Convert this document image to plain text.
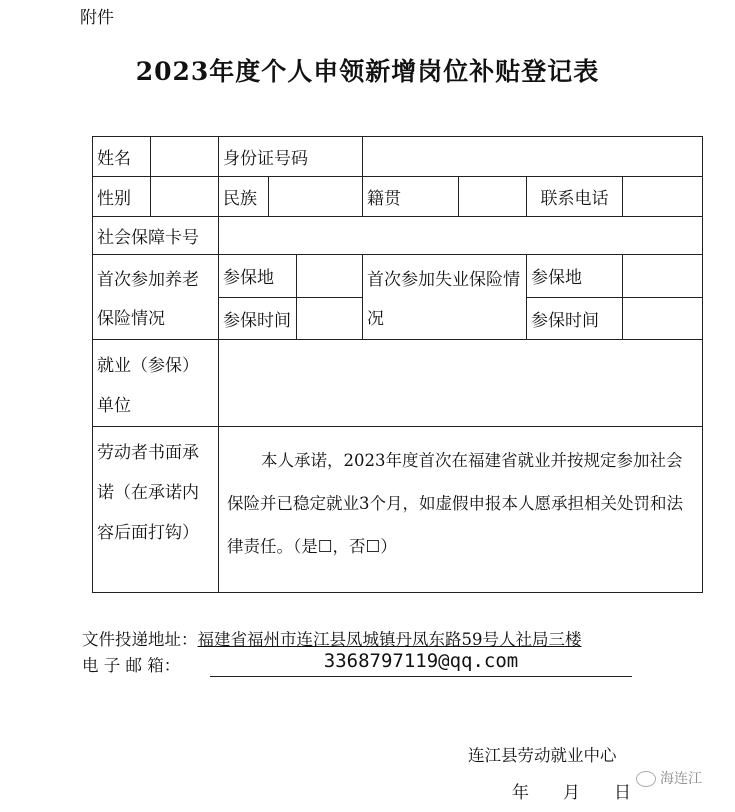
附件
2023年度个人申领新增岗位补贴登记表
姓名		身份证号码						
性别		民族			籍贯		联系电话	
社会保障卡号								
首次参加养老保险情况		参保地			首次参加失业保险情况		参保地	
		参保时间					参保时间	
就业（参保）单位								
劳动者书面承诺（在承诺内容后面打钩）		本人承诺，2023年度首次在福建省就业并按规定参加社会保险并已稳定就业3个月，如虚假申报本人愿承担相关处罚和法律责任。（是☐，否☐）						
文件投递地址：福建省福州市连江县凤城镇丹凤东路59号人社局三楼
电 子 邮 箱：	3368797119@qq.com
连江县劳动就业中心
年　　月　　日
海连江
